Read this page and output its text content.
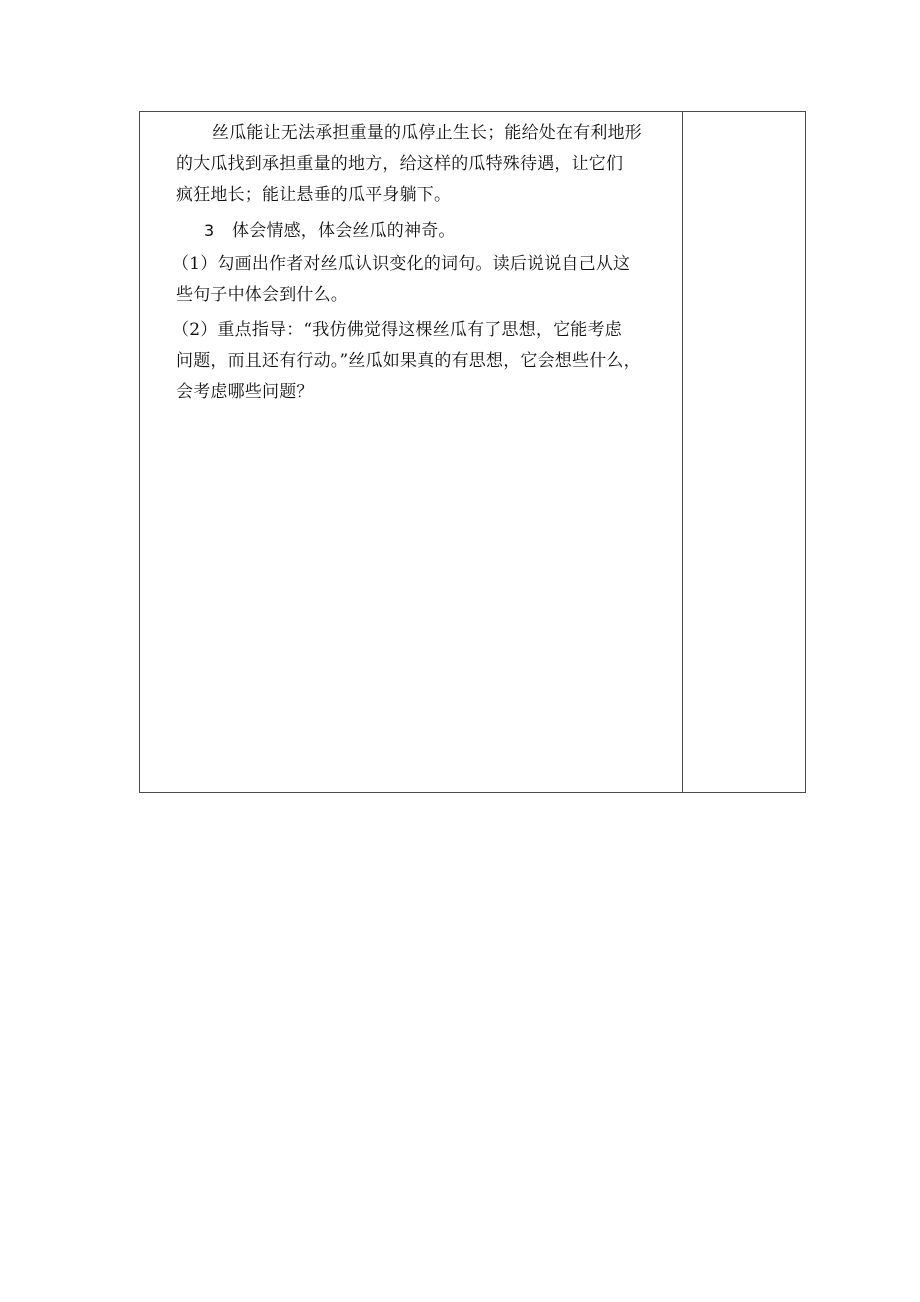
丝瓜能让无法承担重量的瓜停止生长；能给处在有利地形
的大瓜找到承担重量的地方，给这样的瓜特殊待遇，让它们
疯狂地长；能让悬垂的瓜平身躺下。

3	体会情感，体会丝瓜的神奇。

（1）勾画出作者对丝瓜认识变化的词句。读后说说自己从这
些句子中体会到什么。

（2）重点指导：“我仿佛觉得这棵丝瓜有了思想，它能考虑
问题，而且还有行动。”丝瓜如果真的有思想，它会想些什么，
会考虑哪些问题？
